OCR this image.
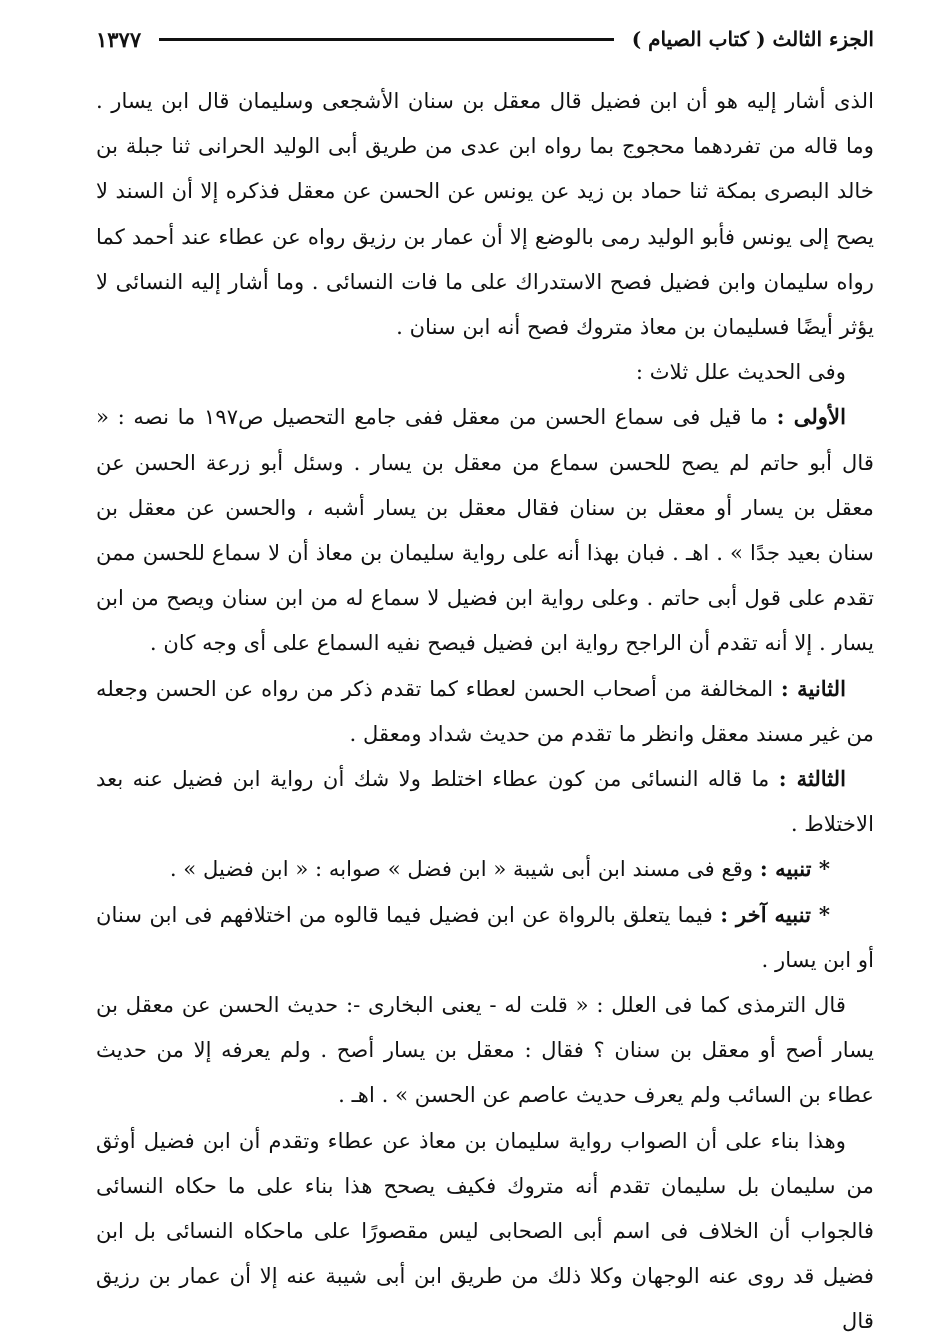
الجزء الثالث ( كتاب الصيام )
١٣٧٧

الذى أشار إليه هو أن ابن فضيل قال معقل بن سنان الأشجعى وسليمان قال ابن يسار . وما قاله من تفردهما محجوج بما رواه ابن عدى من طريق أبى الوليد الحرانى ثنا جبلة بن خالد البصرى بمكة ثنا حماد بن زيد عن يونس عن الحسن عن معقل فذكره إلا أن السند لا يصح إلى يونس فأبو الوليد رمى بالوضع إلا أن عمار بن رزيق رواه عن عطاء عند أحمد كما رواه سليمان وابن فضيل فصح الاستدراك على ما فات النسائى . وما أشار إليه النسائى لا يؤثر أيضًا فسليمان بن معاذ متروك فصح أنه ابن سنان .

وفى الحديث علل ثلاث :

الأولى : ما قيل فى سماع الحسن من معقل ففى جامع التحصيل ص١٩٧ ما نصه : « قال أبو حاتم لم يصح للحسن سماع من معقل بن يسار . وسئل أبو زرعة الحسن عن معقل بن يسار أو معقل بن سنان فقال معقل بن يسار أشبه ، والحسن عن معقل بن سنان بعيد جدًا » . اهـ . فبان بهذا أنه على رواية سليمان بن معاذ أن لا سماع للحسن ممن تقدم على قول أبى حاتم . وعلى رواية ابن فضيل لا سماع له من ابن سنان ويصح من ابن يسار . إلا أنه تقدم أن الراجح رواية ابن فضيل فيصح نفيه السماع على أى وجه كان .

الثانية : المخالفة من أصحاب الحسن لعطاء كما تقدم ذكر من رواه عن الحسن وجعله من غير مسند معقل وانظر ما تقدم من حديث شداد ومعقل .

الثالثة : ما قاله النسائى من كون عطاء اختلط ولا شك أن رواية ابن فضيل عنه بعد الاختلاط .

* تنبيه : وقع فى مسند ابن أبى شيبة « ابن فضل » صوابه : « ابن فضيل » .

* تنبيه آخر : فيما يتعلق بالرواة عن ابن فضيل فيما قالوه من اختلافهم فى ابن سنان أو ابن يسار .

قال الترمذى كما فى العلل : « قلت له - يعنى البخارى -: حديث الحسن عن معقل بن يسار أصح أو معقل بن سنان ؟ فقال : معقل بن يسار أصح . ولم يعرفه إلا من حديث عطاء بن السائب ولم يعرف حديث عاصم عن الحسن » . اهـ .

وهذا بناء على أن الصواب رواية سليمان بن معاذ عن عطاء وتقدم أن ابن فضيل أوثق من سليمان بل سليمان تقدم أنه متروك فكيف يصحح هذا بناء على ما حكاه النسائى فالجواب أن الخلاف فى اسم أبى الصحابى ليس مقصورًا على ماحكاه النسائى بل ابن فضيل قد روى عنه الوجهان وكلا ذلك من طريق ابن أبى شيبة عنه إلا أن عمار بن رزيق قال
